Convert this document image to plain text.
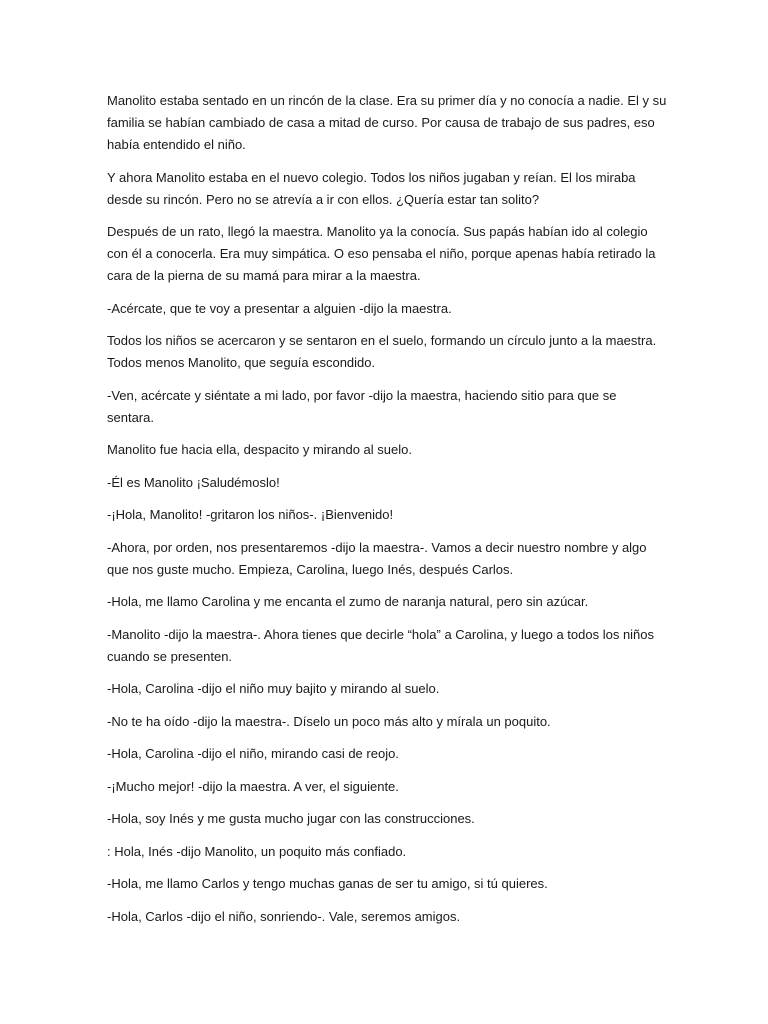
Manolito estaba sentado en un rincón de la clase. Era su primer día y no conocía a nadie. El y su familia se habían cambiado de casa a mitad de curso. Por causa de trabajo de sus padres, eso había entendido el niño.

Y ahora Manolito estaba en el nuevo colegio. Todos los niños jugaban y reían. El los miraba desde su rincón. Pero no se atrevía a ir con ellos. ¿Quería estar tan solito?

Después de un rato, llegó la maestra. Manolito ya la conocía. Sus papás habían ido al colegio con él a conocerla. Era muy simpática. O eso pensaba el niño, porque apenas había retirado la cara de la pierna de su mamá para mirar a la maestra.

-Acércate, que te voy a presentar a alguien -dijo la maestra.

Todos los niños se acercaron y se sentaron en el suelo, formando un círculo junto a la maestra. Todos menos Manolito, que seguía escondido.

-Ven, acércate y siéntate a mi lado, por favor -dijo la maestra, haciendo sitio para que se sentara.

Manolito fue hacia ella, despacito y mirando al suelo.

-Él es Manolito ¡Saludémoslo!

-¡Hola, Manolito! -gritaron los niños-. ¡Bienvenido!

-Ahora, por orden, nos presentaremos -dijo la maestra-. Vamos a decir nuestro nombre y algo que nos guste mucho. Empieza, Carolina, luego Inés, después Carlos.

-Hola, me llamo Carolina y me encanta el zumo de naranja natural, pero sin azúcar.

-Manolito -dijo la maestra-. Ahora tienes que decirle “hola” a Carolina, y luego a todos los niños cuando se presenten.

-Hola, Carolina -dijo el niño muy bajito y mirando al suelo.

-No te ha oído -dijo la maestra-. Díselo un poco más alto y mírala un poquito.

-Hola, Carolina -dijo el niño, mirando casi de reojo.

-¡Mucho mejor! -dijo la maestra. A ver, el siguiente.

-Hola, soy Inés y me gusta mucho jugar con las construcciones.

: Hola, Inés -dijo Manolito, un poquito más confiado.

-Hola, me llamo Carlos y tengo muchas ganas de ser tu amigo, si tú quieres.

-Hola, Carlos -dijo el niño, sonriendo-. Vale, seremos amigos.
